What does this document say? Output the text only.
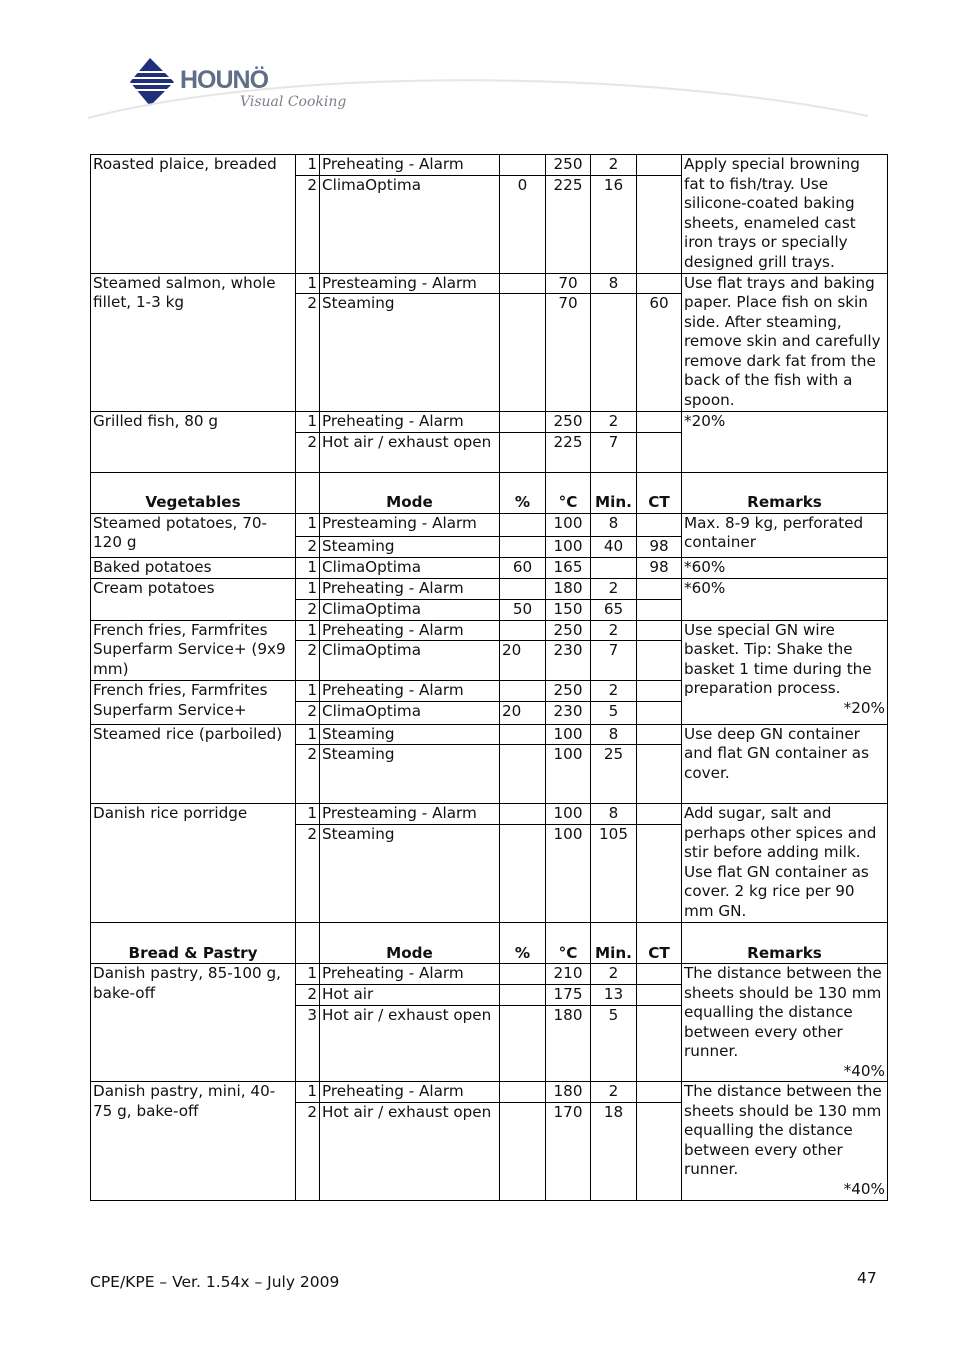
HOUNÖ
Visual Cooking
Roasted plaice, breaded	1	Preheating - Alarm		250	2		Apply special browning fat to fish/tray. Use silicone-coated baking sheets, enameled cast iron trays or specially designed grill trays.
	2	ClimaOptima	0	225	16		
Steamed salmon, whole fillet, 1-3 kg	1	Presteaming - Alarm		70	8		Use flat trays and baking paper. Place fish on skin side. After steaming, remove skin and carefully remove dark fat from the back of the fish with a spoon.
	2	Steaming		70		60	
Grilled fish, 80 g	1	Preheating - Alarm		250	2		*20%
	2	Hot air / exhaust open		225	7		
Vegetables		Mode	%	°C	Min.	CT	Remarks
Steamed potatoes, 70-120 g	1	Presteaming - Alarm		100	8		Max. 8-9 kg, perforated container
	2	Steaming		100	40	98	
Baked potatoes	1	ClimaOptima	60	165		98	*60%
Cream potatoes	1	Preheating - Alarm		180	2		*60%
	2	ClimaOptima	50	150	65		
French fries, Farmfrites Superfarm Service+ (9x9 mm)	1	Preheating - Alarm		250	2		Use special GN wire basket. Tip: Shake the basket 1 time during the preparation process.
*20%

	2	ClimaOptima	20	230	7		
French fries, Farmfrites Superfarm Service+	1	Preheating - Alarm		250	2		
	2	ClimaOptima	20	230	5		
Steamed rice (parboiled)	1	Steaming		100	8		Use deep GN container and flat GN container as cover.
	2	Steaming		100	25		
Danish rice porridge	1	Presteaming - Alarm		100	8		Add sugar, salt and perhaps other spices and stir before adding milk. Use flat GN container as cover. 2 kg rice per 90 mm GN.
	2	Steaming		100	105		
Bread & Pastry		Mode	%	°C	Min.	CT	Remarks
Danish pastry, 85-100 g, bake-off	1	Preheating - Alarm		210	2		The distance between the sheets should be 130 mm equalling the distance between every other runner.
*40%

	2	Hot air		175	13		
	3	Hot air / exhaust open		180	5		
Danish pastry, mini, 40-75 g, bake-off	1	Preheating - Alarm		180	2		The distance between the sheets should be 130 mm equalling the distance between every other runner.
*40%

	2	Hot air / exhaust open		170	18		
CPE/KPE – Ver. 1.54x – July 2009	47
